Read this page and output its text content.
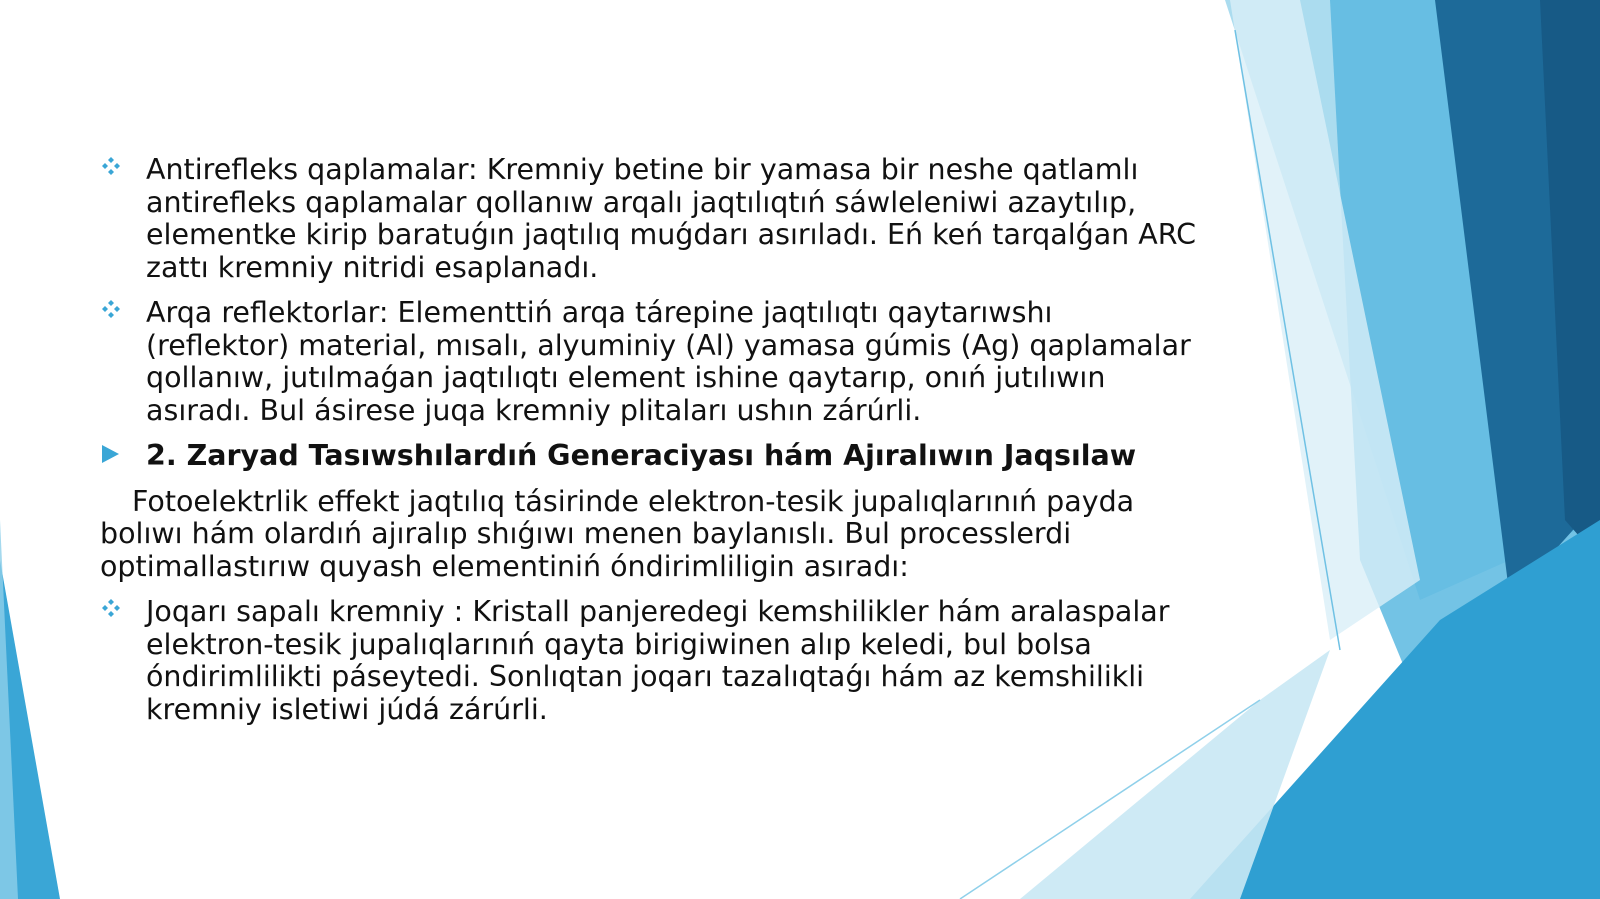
Antirefleks qaplamalar: Kremniy betine bir yamasa bir neshe qatlamlı antirefleks qaplamalar qollanıw arqalı jaqtılıqtıń sáwleleniwi azaytılıp, elementke kirip baratuǵın jaqtılıq muǵdarı asırıladı. Eń keń tarqalǵan ARC zattı kremniy nitridi esaplanadı.
Arqa reflektorlar: Elementtiń arqa tárepine jaqtılıqtı qaytarıwshı (reflektor) material, mısalı, alyuminiy (Al) yamasa gúmis (Ag) qaplamalar qollanıw, jutılmaǵan jaqtılıqtı element ishine qaytarıp, onıń jutılıwın asıradı. Bul ásirese juqa kremniy plitaları ushın zárúrli.
2. Zaryad Tasıwshılardıń Generaciyası hám Ajıralıwın Jaqsılaw

Fotoelektrlik effekt jaqtılıq tásirinde elektron-tesik jupalıqlarınıń payda bolıwı hám olardıń ajıralıp shıǵıwı menen baylanıslı. Bul processlerdi optimallastırıw quyash elementiniń óndirimliligin asıradı:

Joqarı sapalı kremniy : Kristall panjeredegi kemshilikler hám aralaspalar elektron-tesik jupalıqlarınıń qayta birigiwinen alıp keledi, bul bolsa óndirimlilikti páseytedi. Sonlıqtan joqarı tazalıqtaǵı hám az kemshilikli kremniy isletiwi júdá zárúrli.
